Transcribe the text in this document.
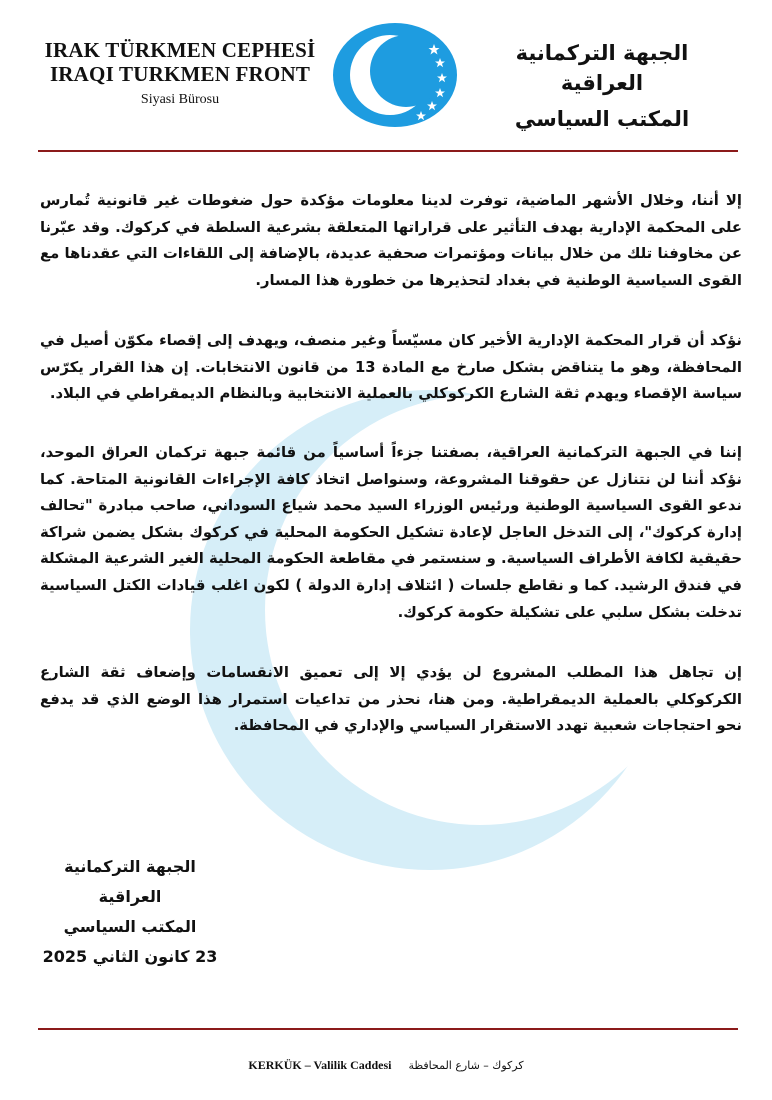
IRAK TÜRKMEN CEPHESİ
IRAQI TURKMEN FRONT
Siyasi Bürosu
الجبهة التركمانية العراقية
المكتب السياسي

إلا أننا، وخلال الأشهر الماضية، توفرت لدينا معلومات مؤكدة حول ضغوطات غير قانونية تُمارس على المحكمة الإدارية بهدف التأثير على قراراتها المتعلقة بشرعية السلطة في كركوك. وقد عبّرنا عن مخاوفنا تلك من خلال بيانات ومؤتمرات صحفية عديدة، بالإضافة إلى اللقاءات التي عقدناها مع القوى السياسية الوطنية في بغداد لتحذيرها من خطورة هذا المسار.

نؤكد أن قرار المحكمة الإدارية الأخير كان مسيّساً وغير منصف، ويهدف إلى إقصاء مكوّن أصيل في المحافظة، وهو ما يتناقض بشكل صارخ مع المادة 13 من قانون الانتخابات. إن هذا القرار يكرّس سياسة الإقصاء ويهدم ثقة الشارع الكركوكلي بالعملية الانتخابية وبالنظام الديمقراطي في البلاد.

إننا في الجبهة التركمانية العراقية، بصفتنا جزءاً أساسياً من قائمة جبهة تركمان العراق الموحد، نؤكد أننا لن نتنازل عن حقوقنا المشروعة، وسنواصل اتخاذ كافة الإجراءات القانونية المتاحة. كما ندعو القوى السياسية الوطنية ورئيس الوزراء السيد محمد شياع السوداني، صاحب مبادرة "تحالف إدارة كركوك"، إلى التدخل العاجل لإعادة تشكيل الحكومة المحلية في كركوك بشكل يضمن شراكة حقيقية لكافة الأطراف السياسية. و سنستمر في مقاطعة الحكومة المحلية الغير الشرعية المشكلة في فندق الرشيد. كما و نقاطع جلسات ( ائتلاف إدارة الدولة ) لكون اغلب قيادات الكتل السياسية تدخلت بشكل سلبي على تشكيلة حكومة كركوك.

إن تجاهل هذا المطلب المشروع لن يؤدي إلا إلى تعميق الانقسامات وإضعاف ثقة الشارع الكركوكلي بالعملية الديمقراطية. ومن هنا، نحذر من تداعيات استمرار هذا الوضع الذي قد يدفع نحو احتجاجات شعبية تهدد الاستقرار السياسي والإداري في المحافظة.

الجبهة التركمانية العراقية
المكتب السياسي
23 كانون الثاني 2025
KERKÜK – Valilik Caddesi كركوك – شارع المحافظة
